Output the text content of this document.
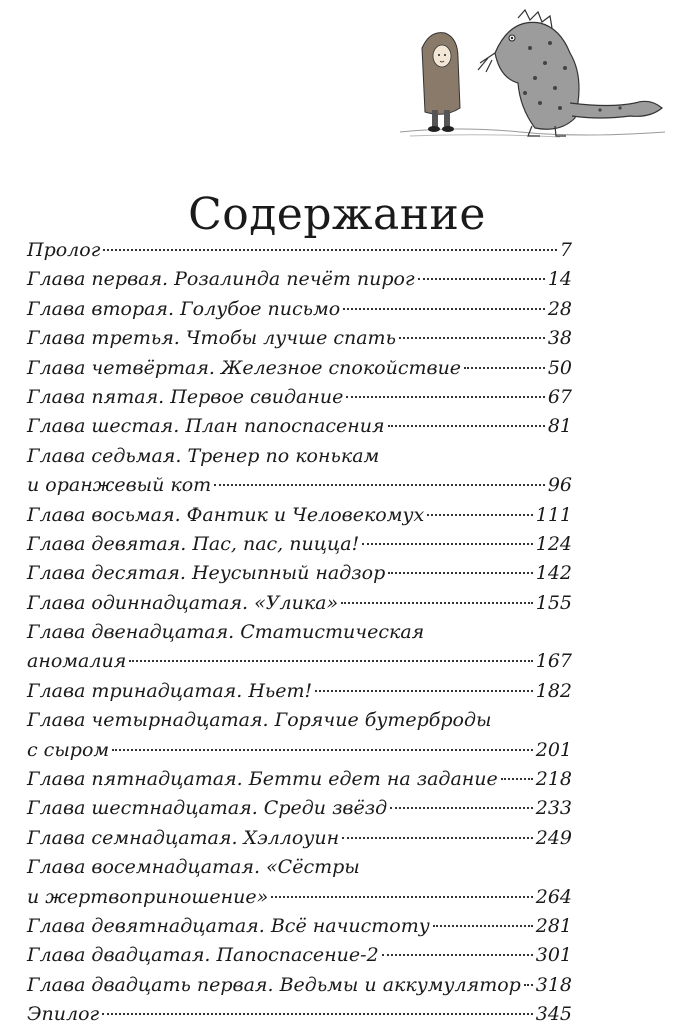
Содержание
Пролог	7
Глава первая. Розалинда печёт пирог	14
Глава вторая. Голубое письмо	28
Глава третья. Чтобы лучше спать	38
Глава четвёртая. Железное спокойствие	50
Глава пятая. Первое свидание	67
Глава шестая. План папоспасения	81
Глава седьмая. Тренер по конькам
и оранжевый кот	96
Глава восьмая. Фантик и Человекомух	111
Глава девятая. Пас, пас, пицца!	124
Глава десятая. Неусыпный надзор	142
Глава одиннадцатая. «Улика»	155
Глава двенадцатая. Статистическая
аномалия	167
Глава тринадцатая. Ньет!	182
Глава четырнадцатая. Горячие бутерброды
с сыром	201
Глава пятнадцатая. Бетти едет на задание 218
Глава шестнадцатая. Среди звёзд	233
Глава семнадцатая. Хэллоуин	249
Глава восемнадцатая. «Сёстры
и жертвоприношение»	264
Глава девятнадцатая. Всё начистоту	281
Глава двадцатая. Папоспасение-2	301
Глава двадцать первая. Ведьмы и аккумулятор 318
Эпилог	345
